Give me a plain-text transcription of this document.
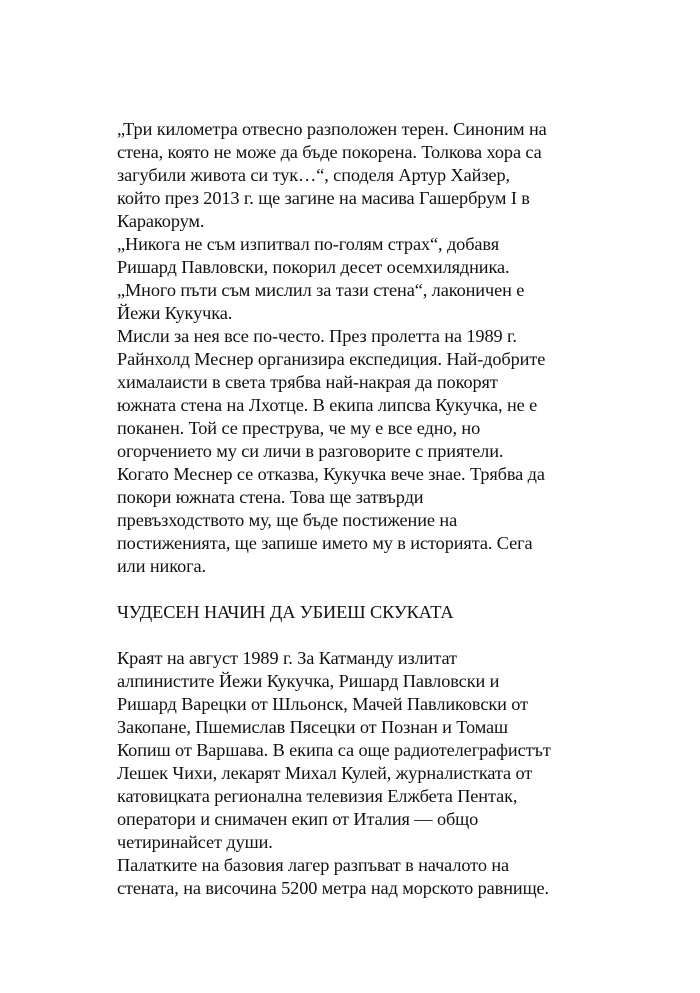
„Три километра отвесно разположен терен. Синоним на
стена, която не може да бъде покорена. Толкова хора са
загубили живота си тук…“, споделя Артур Хайзер,
който през 2013 г. ще загине на масива Гашербрум I в
Каракорум.
„Никога не съм изпитвал по-голям страх“, добавя
Ришард Павловски, покорил десет осемхилядника.
„Много пъти съм мислил за тази стена“, лаконичен е
Йежи Кукучка.
Мисли за нея все по-често. През пролетта на 1989 г.
Райнхолд Меснер организира експедиция. Най-добрите
хималаисти в света трябва най-накрая да покорят
южната стена на Лхотце. В екипа липсва Кукучка, не е
поканен. Той се преструва, че му е все едно, но
огорчението му си личи в разговорите с приятели.
Когато Меснер се отказва, Кукучка вече знае. Трябва да
покори южната стена. Това ще затвърди
превъзходството му, ще бъде постижение на
постиженията, ще запише името му в историята. Сега
или никога.
ЧУДЕСЕН НАЧИН ДА УБИЕШ СКУКАТА
Краят на август 1989 г. За Катманду излитат
алпинистите Йежи Кукучка, Ришард Павловски и
Ришард Варецки от Шльонск, Мачей Павликовски от
Закопане, Пшемислав Пясецки от Познан и Томаш
Копиш от Варшава. В екипа са още радиотелеграфистът
Лешек Чихи, лекарят Михал Кулей, журналистката от
катовицката регионална телевизия Елжбета Пентак,
оператори и снимачен екип от Италия — общо
четиринайсет души.
Палатките на базовия лагер разпъват в началото на
стената, на височина 5200 метра над морското равнище.
